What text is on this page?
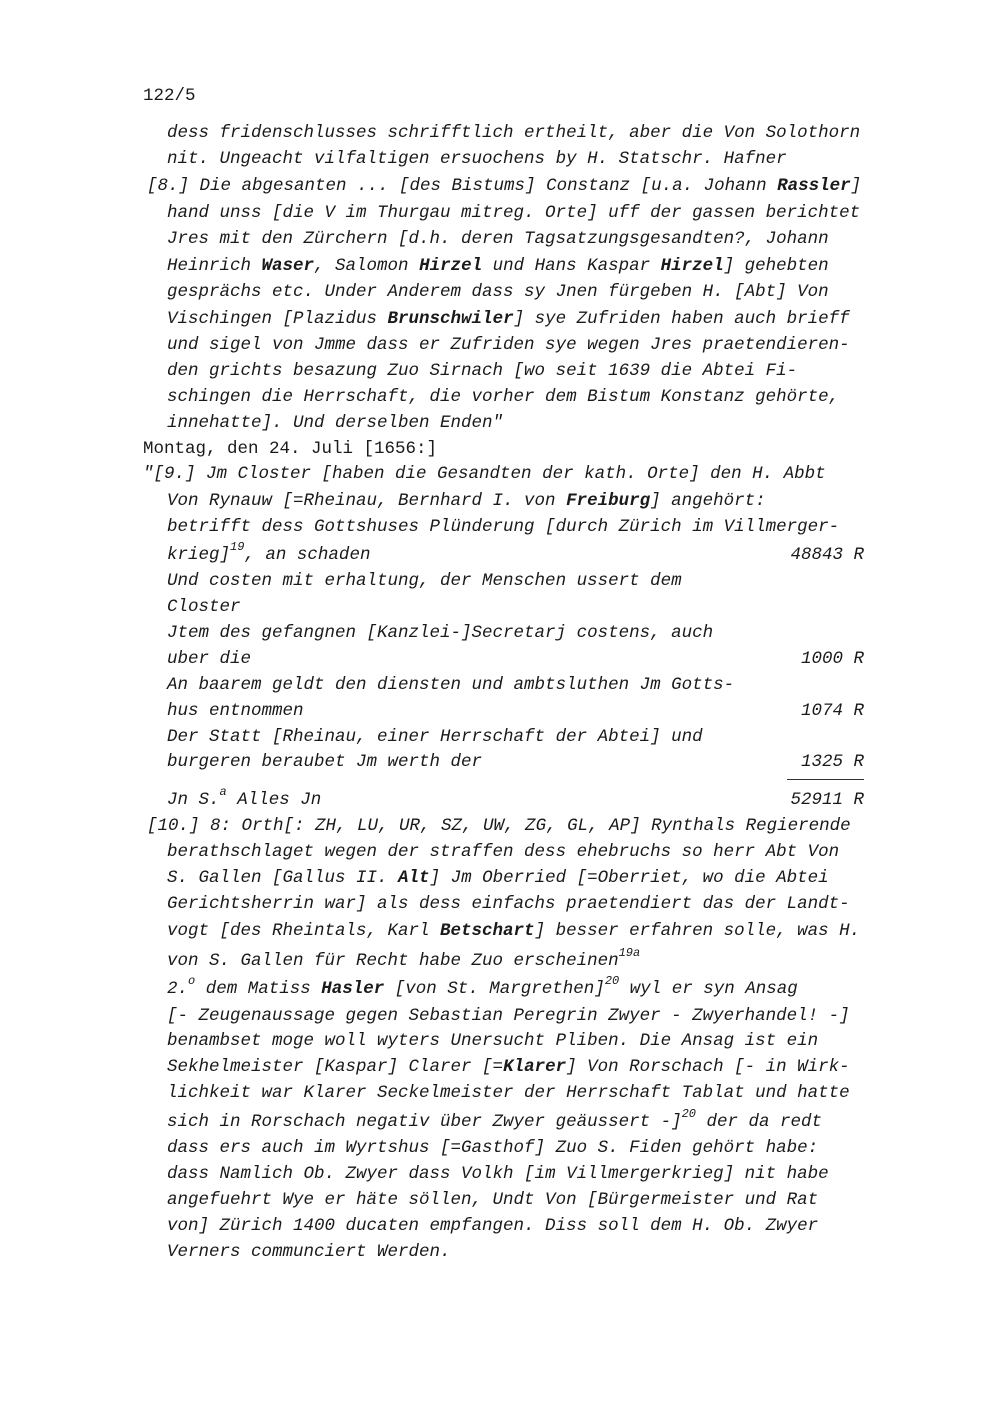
122/5
dess fridenschlusses schrifftlich ertheilt, aber die Von Solothorn
nit. Ungeacht vilfaltigen ersuochens by H. Statschr. Hafner
[8.] Die abgesanten ... [des Bistums] Constanz [u.a. Johann Rassler]
hand unss [die V im Thurgau mitreg. Orte] uff der gassen berichtet
Jres mit den Zürchern [d.h. deren Tagsatzungsgesandten?, Johann
Heinrich Waser, Salomon Hirzel und Hans Kaspar Hirzel] gehebten
gesprächs etc. Under Anderem dass sy Jnen fürgeben H. [Abt] Von
Vischingen [Plazidus Brunschwiler] sye Zufriden haben auch brieff
und sigel von Jmme dass er Zufriden sye wegen Jres praetendieren-
den grichts besazung Zuo Sirnach [wo seit 1639 die Abtei Fi-
schingen die Herrschaft, die vorher dem Bistum Konstanz gehörte,
innehatte]. Und derselben Enden"
Montag, den 24. Juli [1656:]
"[9.] Jm Closter [haben die Gesandten der kath. Orte] den H. Abbt
Von Rynauw [=Rheinau, Bernhard I. von Freiburg] angehört:
betrifft dess Gottshuses Plünderung [durch Zürich im Villmerger-
krieg]$^{19}$, an schaden	48843 R
Und costen mit erhaltung, der Menschen ussert dem
Closter
Jtem des gefangnen [Kanzlei-]Secretarj costens, auch
uber die	1000 R
An baarem geldt den diensten und ambtsluthen Jm Gotts-
hus entnommen	1074 R
Der Statt [Rheinau, einer Herrschaft der Abtei] und
burgeren beraubet Jm werth der	1325 R
Jn S.$^a$ Alles Jn	52911 R
[10.] 8: Orth[: ZH, LU, UR, SZ, UW, ZG, GL, AP] Rynthals Regierende
berathschlaget wegen der straffen dess ehebruchs so herr Abt Von
S. Gallen [Gallus II. Alt] Jm Oberried [=Oberriet, wo die Abtei
Gerichtsherrin war] als dess einfachs praetendiert das der Landt-
vogt [des Rheintals, Karl Betschart] besser erfahren solle, was H.
von S. Gallen für Recht habe Zuo erscheinen$^{19a}$
2.$^o$ dem Matiss Hasler [von St. Margrethen]$^{20}$ wyl er syn Ansag
[- Zeugenaussage gegen Sebastian Peregrin Zwyer - Zwyerhandel! -]
benambset moge woll wyters Unersucht Pliben. Die Ansag ist ein
Sekhelmeister [Kaspar] Clarer [=Klarer] Von Rorschach [- in Wirk-
lichkeit war Klarer Seckelmeister der Herrschaft Tablat und hatte
sich in Rorschach negativ über Zwyer geäussert -]$^{20}$ der da redt
dass ers auch im Wyrtshus [=Gasthof] Zuo S. Fiden gehört habe:
dass Namlich Ob. Zwyer dass Volkh [im Villmergerkrieg] nit habe
angefuehrt Wye er häte söllen, Undt Von [Bürgermeister und Rat
von] Zürich 1400 ducaten empfangen. Diss soll dem H. Ob. Zwyer
Verners communciert Werden.
